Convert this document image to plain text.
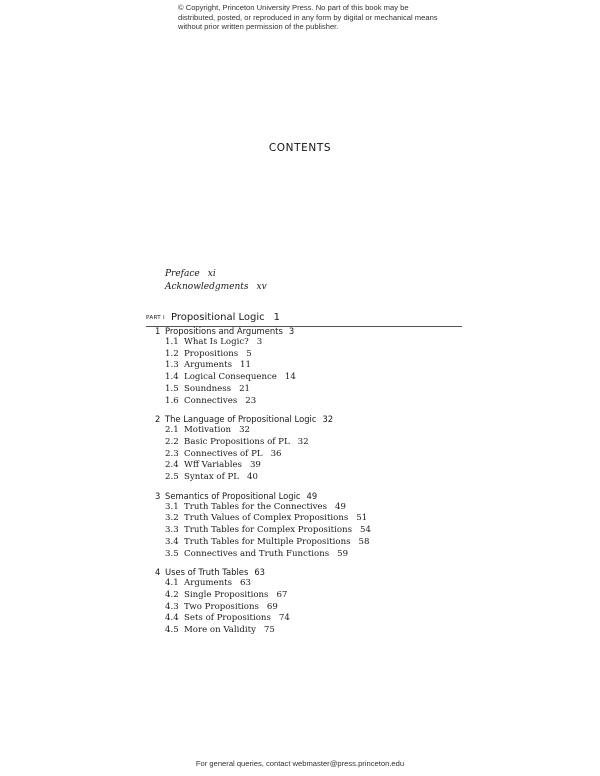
© Copyright, Princeton University Press. No part of this book may be distributed, posted, or reproduced in any form by digital or mechanical means without prior written permission of the publisher.
CONTENTS
Preface xi
Acknowledgments xv
PART I Propositional Logic 1
1 Propositions and Arguments 3
1.1 What Is Logic? 3
1.2 Propositions 5
1.3 Arguments 11
1.4 Logical Consequence 14
1.5 Soundness 21
1.6 Connectives 23
2 The Language of Propositional Logic 32
2.1 Motivation 32
2.2 Basic Propositions of PL 32
2.3 Connectives of PL 36
2.4 Wff Variables 39
2.5 Syntax of PL 40
3 Semantics of Propositional Logic 49
3.1 Truth Tables for the Connectives 49
3.2 Truth Values of Complex Propositions 51
3.3 Truth Tables for Complex Propositions 54
3.4 Truth Tables for Multiple Propositions 58
3.5 Connectives and Truth Functions 59
4 Uses of Truth Tables 63
4.1 Arguments 63
4.2 Single Propositions 67
4.3 Two Propositions 69
4.4 Sets of Propositions 74
4.5 More on Validity 75
For general queries, contact webmaster@press.princeton.edu
